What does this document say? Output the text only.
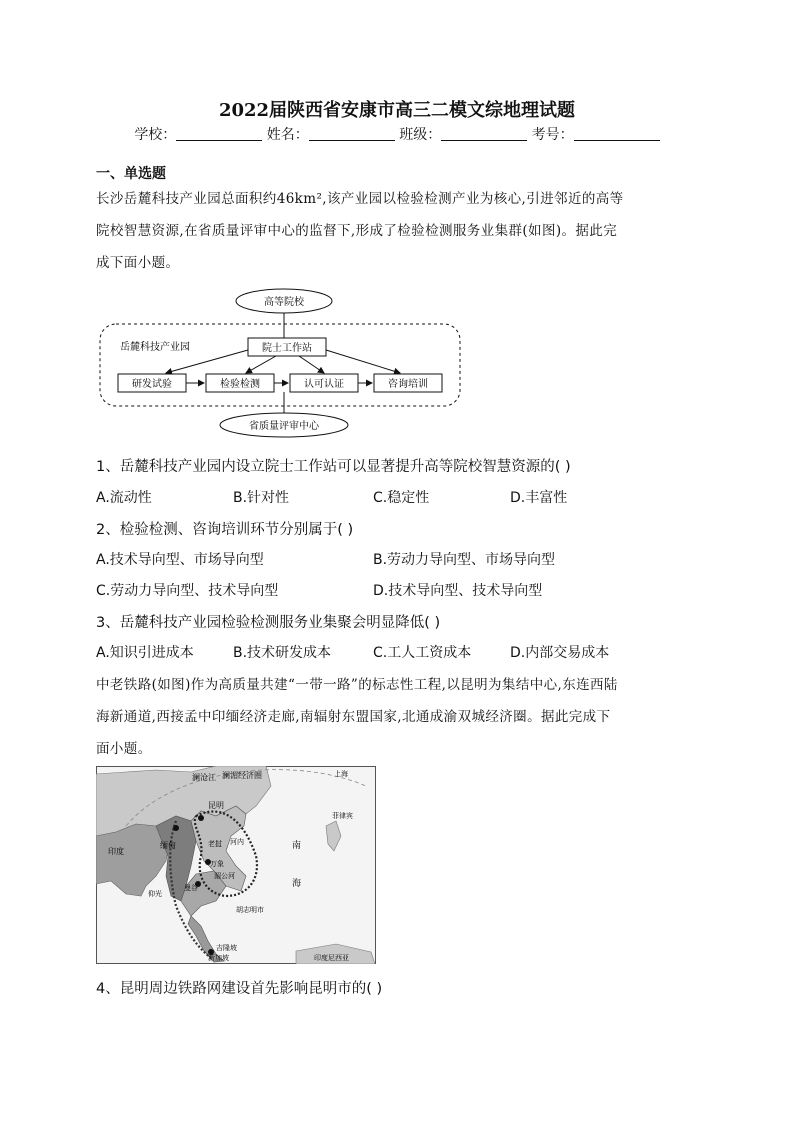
2022届陕西省安康市高三二模文综地理试题
学校：	姓名：	班级：	考号：
一、单选题
长沙岳麓科技产业园总面积约46km²,该产业园以检验检测产业为核心,引进邻近的高等
院校智慧资源,在省质量评审中心的监督下,形成了检验检测服务业集群(如图)。据此完
成下面小题。
高等院校
岳麓科技产业园	院士工作站
研发试验	检验检测	认可认证	咨询培训
省质量评审中心
1、岳麓科技产业园内设立院士工作站可以显著提升高等院校智慧资源的( )
A.流动性	B.针对性	C.稳定性	D.丰富性
2、检验检测、咨询培训环节分别属于( )
A.技术导向型、市场导向型	B.劳动力导向型、市场导向型
C.劳动力导向型、技术导向型	D.技术导向型、技术导向型
3、岳麓科技产业园检验检测服务业集聚会明显降低( )
A.知识引进成本	B.技术研发成本	C.工人工资成本	D.内部交易成本
中老铁路(如图)作为高质量共建“一带一路”的标志性工程,以昆明为集结中心,东连西陆
海新通道,西接孟中印缅经济走廊,南辐射东盟国家,北通成渝双城经济圈。据此完成下
面小题。
澜沧江 澜湄经济圈
昆明
上海
印度
缅甸	河内
老挝
万象
湄公河
曼谷
仰光
南
海
胡志明市
吉隆坡
新加坡
菲律宾
印度尼西亚
4、昆明周边铁路网建设首先影响昆明市的( )
